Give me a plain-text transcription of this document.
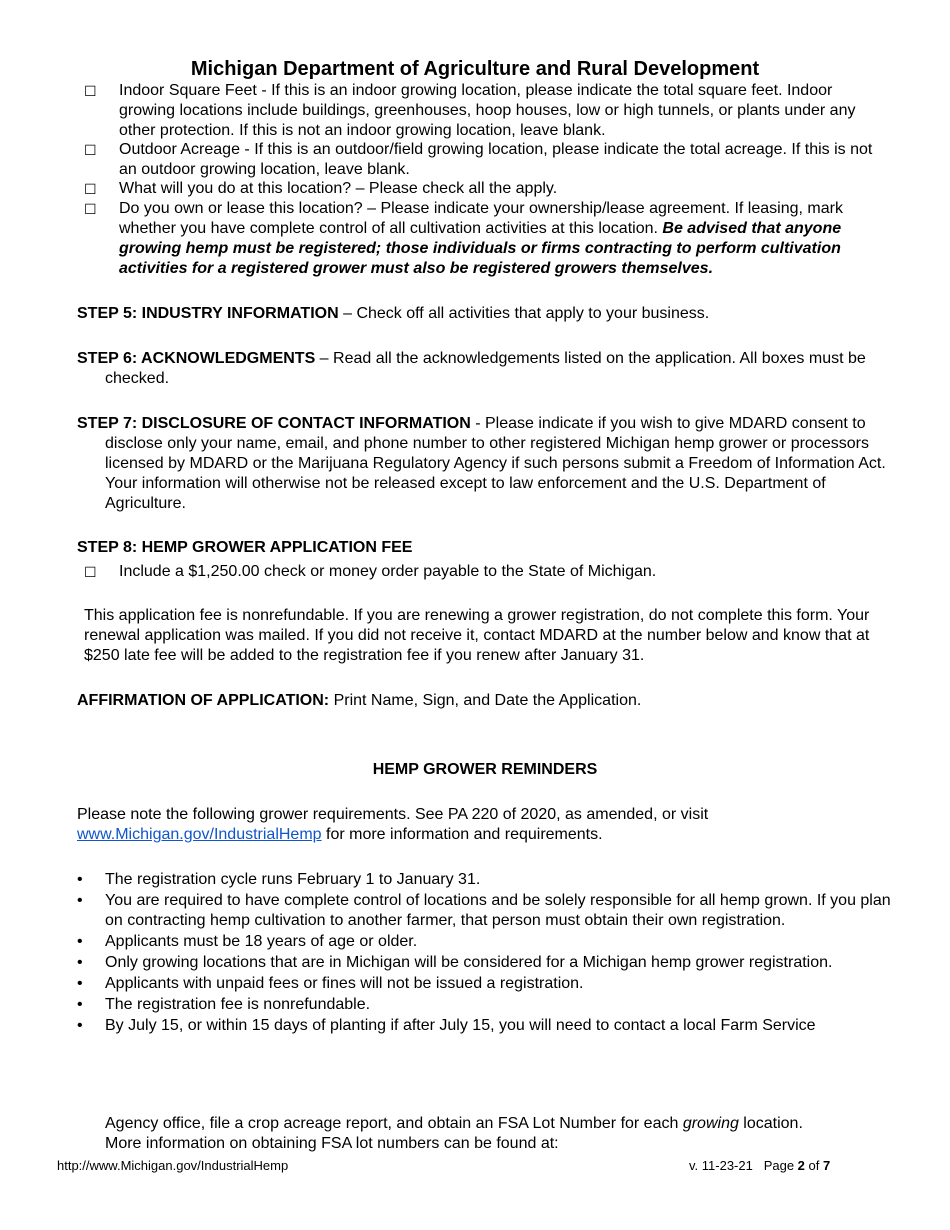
Michigan Department of Agriculture and Rural Development
☐ Indoor Square Feet - If this is an indoor growing location, please indicate the total square feet. Indoor growing locations include buildings, greenhouses, hoop houses, low or high tunnels, or plants under any other protection. If this is not an indoor growing location, leave blank.
☐ Outdoor Acreage - If this is an outdoor/field growing location, please indicate the total acreage. If this is not an outdoor growing location, leave blank.
☐ What will you do at this location? – Please check all the apply.
☐ Do you own or lease this location? – Please indicate your ownership/lease agreement. If leasing, mark whether you have complete control of all cultivation activities at this location. Be advised that anyone growing hemp must be registered; those individuals or firms contracting to perform cultivation activities for a registered grower must also be registered growers themselves.
STEP 5: INDUSTRY INFORMATION – Check off all activities that apply to your business.
STEP 6: ACKNOWLEDGMENTS – Read all the acknowledgements listed on the application. All boxes must be checked.
STEP 7: DISCLOSURE OF CONTACT INFORMATION - Please indicate if you wish to give MDARD consent to disclose only your name, email, and phone number to other registered Michigan hemp grower or processors licensed by MDARD or the Marijuana Regulatory Agency if such persons submit a Freedom of Information Act. Your information will otherwise not be released except to law enforcement and the U.S. Department of Agriculture.
STEP 8: HEMP GROWER APPLICATION FEE
☐ Include a $1,250.00 check or money order payable to the State of Michigan.
This application fee is nonrefundable. If you are renewing a grower registration, do not complete this form. Your renewal application was mailed. If you did not receive it, contact MDARD at the number below and know that at $250 late fee will be added to the registration fee if you renew after January 31.
AFFIRMATION OF APPLICATION: Print Name, Sign, and Date the Application.
HEMP GROWER REMINDERS
Please note the following grower requirements. See PA 220 of 2020, as amended, or visit www.Michigan.gov/IndustrialHemp for more information and requirements.
• The registration cycle runs February 1 to January 31.
• You are required to have complete control of locations and be solely responsible for all hemp grown. If you plan on contracting hemp cultivation to another farmer, that person must obtain their own registration.
• Applicants must be 18 years of age or older.
• Only growing locations that are in Michigan will be considered for a Michigan hemp grower registration.
• Applicants with unpaid fees or fines will not be issued a registration.
• The registration fee is nonrefundable.
• By July 15, or within 15 days of planting if after July 15, you will need to contact a local Farm Service
Agency office, file a crop acreage report, and obtain an FSA Lot Number for each growing location.
More information on obtaining FSA lot numbers can be found at:
http://www.Michigan.gov/IndustrialHemp	v. 11-23-21 Page 2 of 7
